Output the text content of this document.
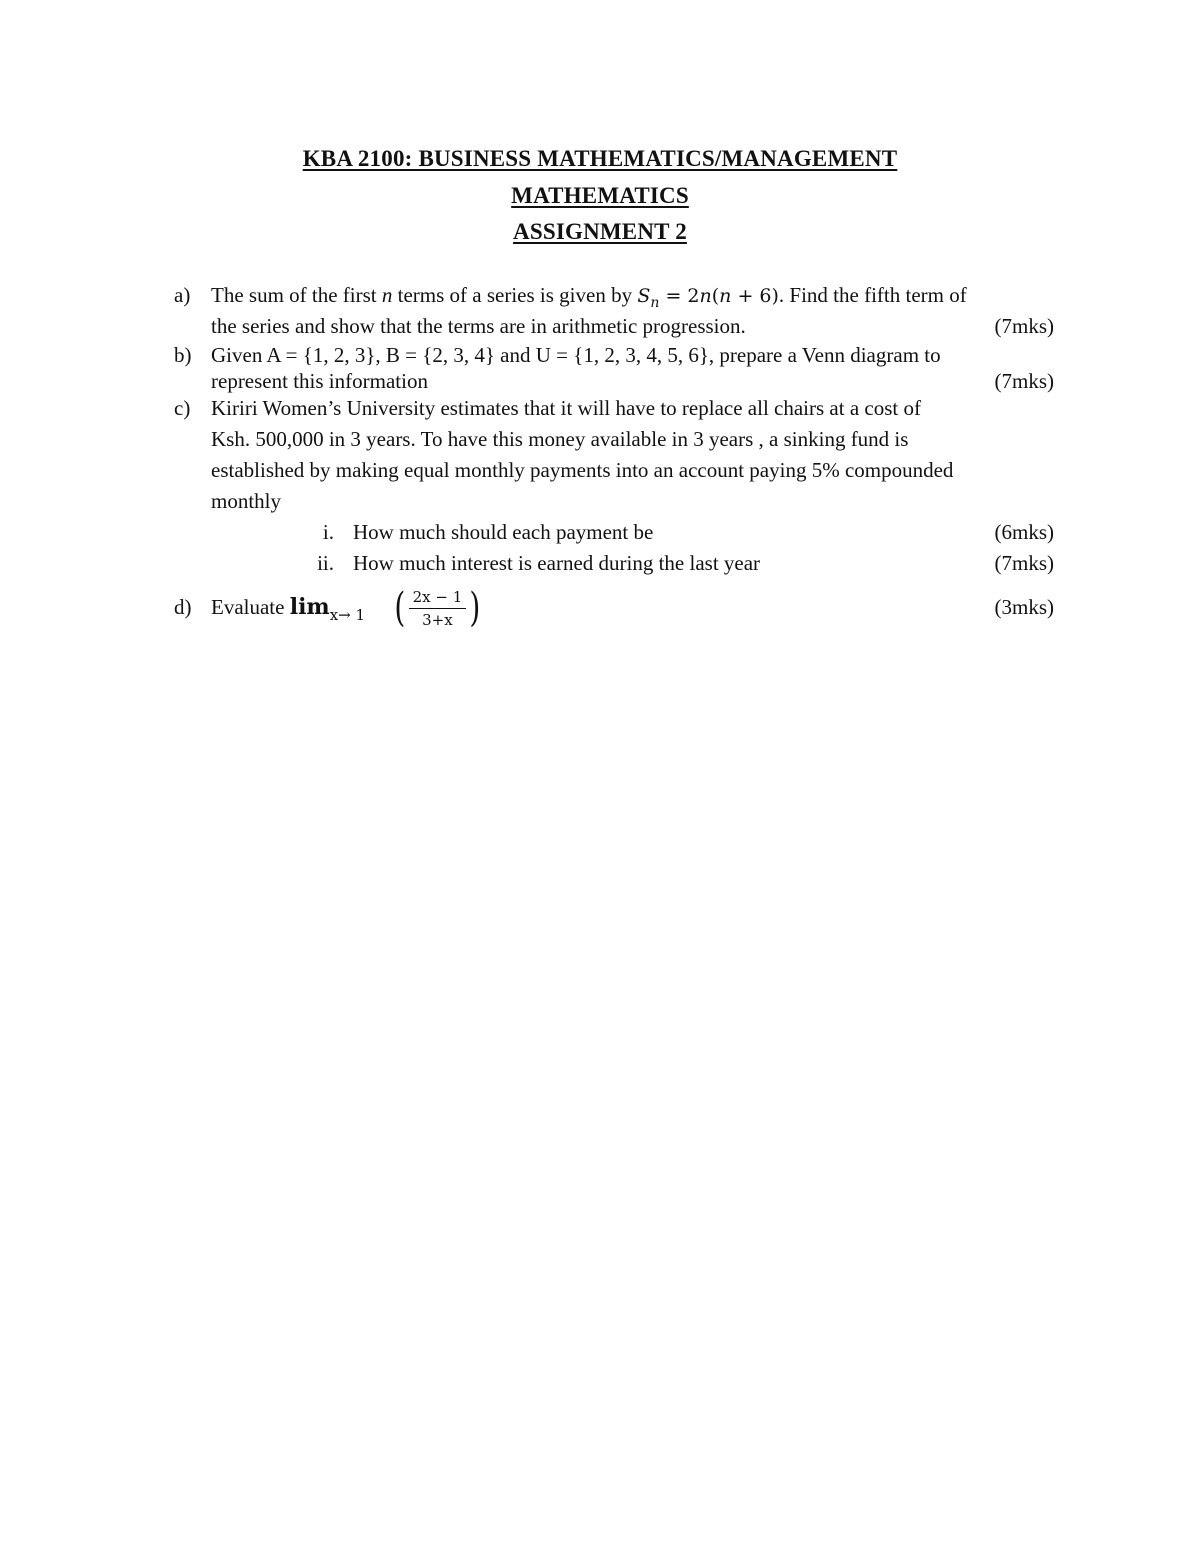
KBA 2100: BUSINESS MATHEMATICS/MANAGEMENT
MATHEMATICS
ASSIGNMENT 2
a) The sum of the first n terms of a series is given by $S_n = 2n(n + 6)$. Find the fifth term of
the series and show that the terms are in arithmetic progression.	(7mks)
b) Given A = {1, 2, 3}, B = {2, 3, 4} and U = {1, 2, 3, 4, 5, 6}, prepare a Venn diagram to
represent this information	(7mks)
c) Kiriri Women’s University estimates that it will have to replace all chairs at a cost of
Ksh. 500,000 in 3 years. To have this money available in 3 years , a sinking fund is
established by making equal monthly payments into an account paying 5% compounded
monthly
i. How much should each payment be	(6mks)
ii. How much interest is earned during the last year	(7mks)
d) Evaluate $\lim_{x\to 1}$ ( $\frac{2x - 1}{3+x}$ )	(3mks)
